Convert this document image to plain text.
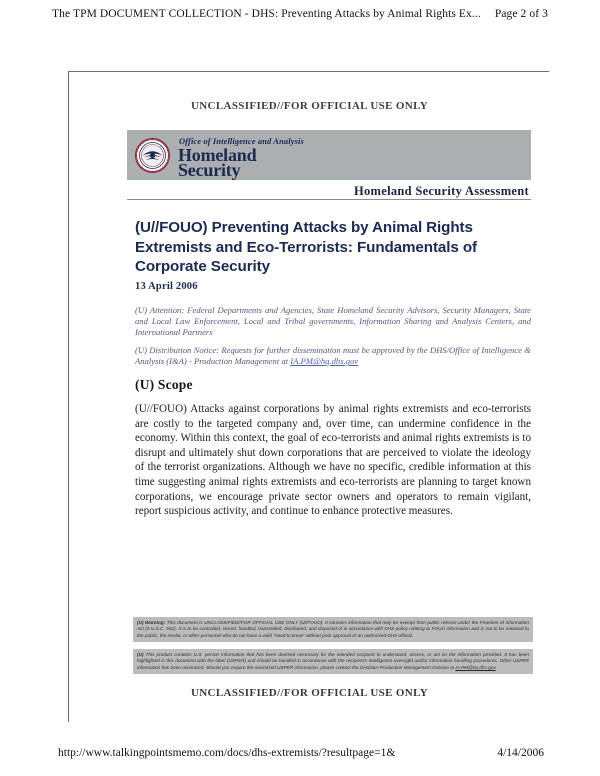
The TPM DOCUMENT COLLECTION - DHS: Preventing Attacks by Animal Rights Ex... Page 2 of 3
UNCLASSIFIED//FOR OFFICIAL USE ONLY
Office of Intelligence and Analysis
Homeland
Security
Homeland Security Assessment
(U//FOUO) Preventing Attacks by Animal Rights Extremists and Eco-Terrorists: Fundamentals of Corporate Security
13 April 2006
(U) Attention: Federal Departments and Agencies, State Homeland Security Advisors, Security Managers, State and Local Law Enforcement, Local and Tribal governments, Information Sharing and Analysis Centers, and International Partners
(U) Distribution Notice: Requests for further dissemination must be approved by the DHS/Office of Intelligence & Analysis (I&A) - Production Management at IA.PM@hq.dhs.gov
(U) Scope
(U//FOUO) Attacks against corporations by animal rights extremists and eco-terrorists are costly to the targeted company and, over time, can undermine confidence in the economy. Within this context, the goal of eco-terrorists and animal rights extremists is to disrupt and ultimately shut down corporations that are perceived to violate the ideology of the terrorist organizations. Although we have no specific, credible information at this time suggesting animal rights extremists and eco-terrorists are planning to target known corporations, we encourage private sector owners and operators to remain vigilant, report suspicious activity, and continue to enhance protective measures.
(U) Warning: This document is UNCLASSIFIED//FOR OFFICIAL USE ONLY (U//FOUO). It contains information that may be exempt from public release under the Freedom of Information Act (5 U.S.C. 552). It is to be controlled, stored, handled, transmitted, distributed, and disposed of in accordance with DHS policy relating to FOUO information and is not to be released to the public, the media, or other personnel who do not have a valid "need to know" without prior approval of an authorized DHS official.
(U) This product contains U.S. person information that has been deemed necessary for the intended recipient to understand, assess, or act on the information provided. It has been highlighted in this document with the label (USPER) and should be handled in accordance with the recipient's intelligence oversight and/or information handling procedures. Other USPER information has been minimized. Should you require the minimized USPER information, please contact the DHS/I&A Production Management Division at IA.PM@hq.dhs.gov
UNCLASSIFIED//FOR OFFICIAL USE ONLY
http://www.talkingpointsmemo.com/docs/dhs-extremists/?resultpage=1&	4/14/2006
